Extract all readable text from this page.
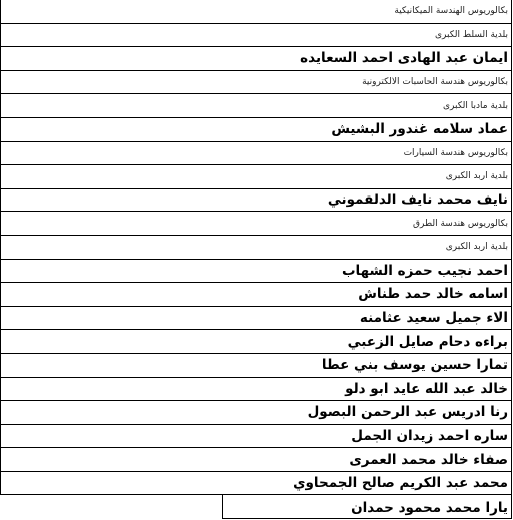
بكالوريوس الهندسة الميكانيكية
بلدية السلط الكبرى
ايمان عبد الهادى احمد السعايده
بكالوريوس هندسة الحاسبات الالكترونية
بلدية مادبا الكبرى
عماد سلامه غندور البشيش
بكالوريوس هندسة السيارات
بلدية اربد الكبرى
نايف محمد نايف الدلقموني
بكالوريوس هندسة الطرق
بلدية اربد الكبرى
احمد نجيب حمزه الشهاب
اسامه خالد حمد طناش
الاء جميل سعيد عثامنه
براءه دحام صايل الزعبي
تمارا حسين يوسف بني عطا
خالد عبد الله عايد ابو دلو
رنا ادريس عبد الرحمن البصول
ساره احمد زيدان الجمل
صفاء خالد محمد العمرى
محمد عبد الكريم صالح الجمحاوي
يارا محمد محمود حمدان
